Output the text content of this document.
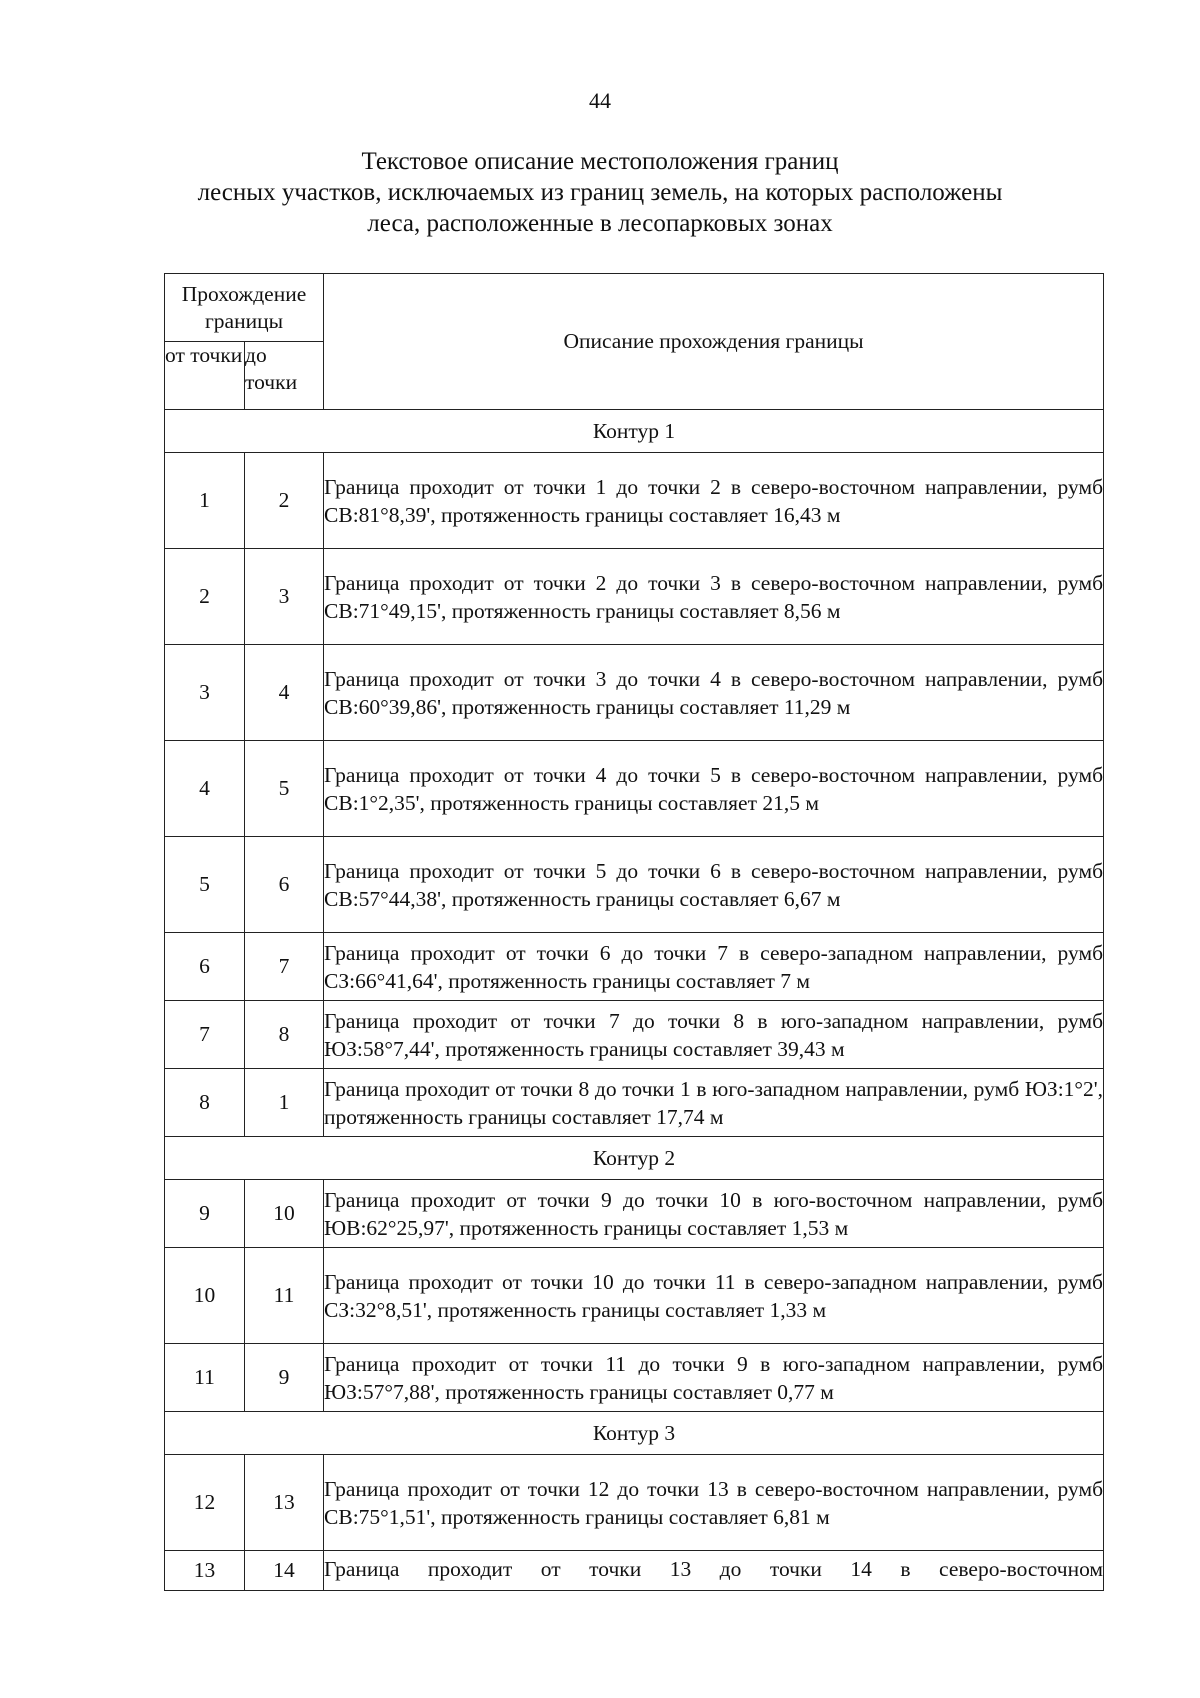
44
Текстовое описание местоположения границ
лесных участков, исключаемых из границ земель, на которых расположены
леса, расположенные в лесопарковых зонах
Прохождение границы		Описание прохождения границы
от точки	до точки	
Контур 1		
1	2	Граница проходит от точки 1 до точки 2 в северо-восточном направлении, румб СВ:81°8,39', протяженность границы составляет 16,43 м
2	3	Граница проходит от точки 2 до точки 3 в северо-восточном направлении, румб СВ:71°49,15', протяженность границы составляет 8,56 м
3	4	Граница проходит от точки 3 до точки 4 в северо-восточном направлении, румб СВ:60°39,86', протяженность границы составляет 11,29 м
4	5	Граница проходит от точки 4 до точки 5 в северо-восточном направлении, румб СВ:1°2,35', протяженность границы составляет 21,5 м
5	6	Граница проходит от точки 5 до точки 6 в северо-восточном направлении, румб СВ:57°44,38', протяженность границы составляет 6,67 м
6	7	Граница проходит от точки 6 до точки 7 в северо-западном направлении, румб СЗ:66°41,64', протяженность границы составляет 7 м
7	8	Граница проходит от точки 7 до точки 8 в юго-западном направлении, румб ЮЗ:58°7,44', протяженность границы составляет 39,43 м
8	1	Граница проходит от точки 8 до точки 1 в юго-западном направлении, румб ЮЗ:1°2', протяженность границы составляет 17,74 м
Контур 2		
9	10	Граница проходит от точки 9 до точки 10 в юго-восточном направлении, румб ЮВ:62°25,97', протяженность границы составляет 1,53 м
10	11	Граница проходит от точки 10 до точки 11 в северо-западном направлении, румб СЗ:32°8,51', протяженность границы составляет 1,33 м
11	9	Граница проходит от точки 11 до точки 9 в юго-западном направлении, румб ЮЗ:57°7,88', протяженность границы составляет 0,77 м
Контур 3		
12	13	Граница проходит от точки 12 до точки 13 в северо-восточном направлении, румб СВ:75°1,51', протяженность границы составляет 6,81 м
13	14	Граница проходит от точки 13 до точки 14 в северо-восточном
